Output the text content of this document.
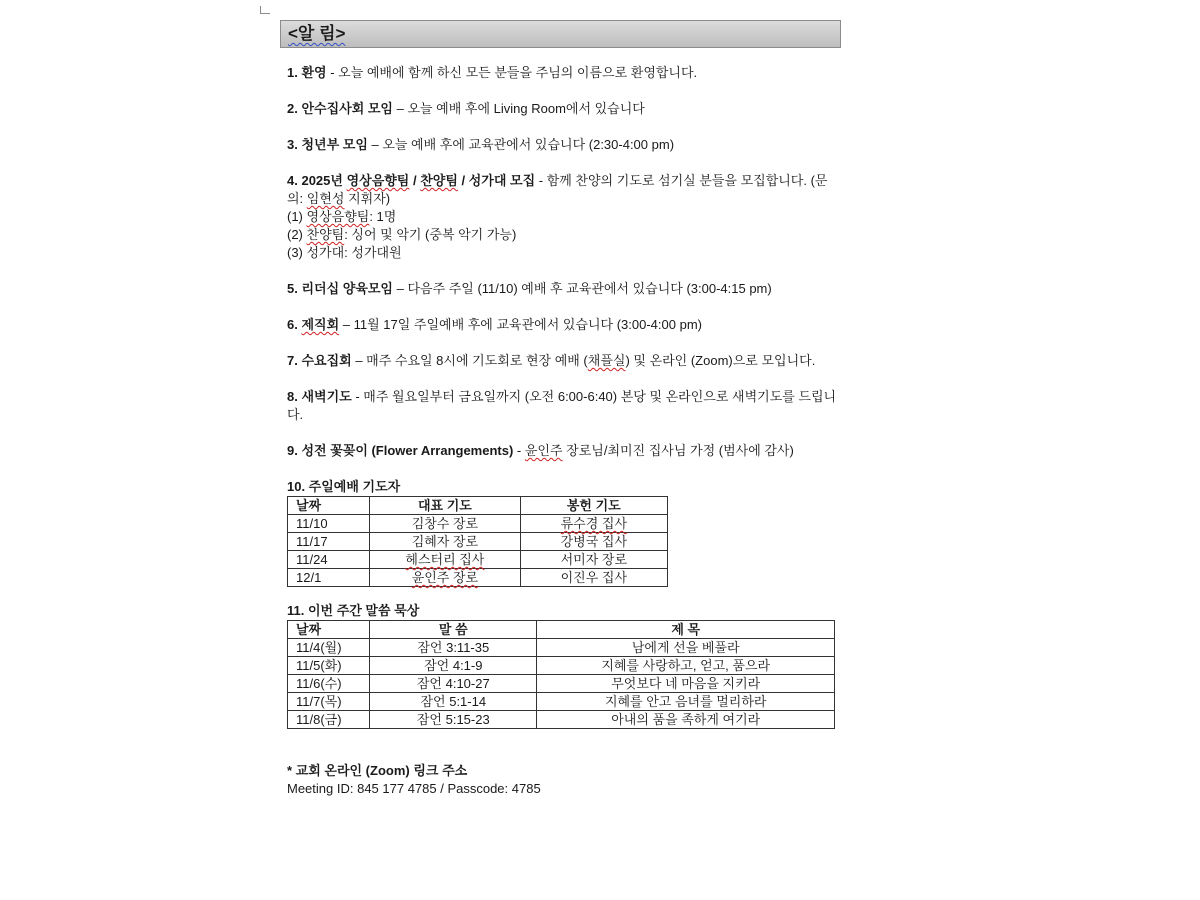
<알 림>

1. 환영 - 오늘 예배에 함께 하신 모든 분들을 주님의 이름으로 환영합니다.

2. 안수집사회 모임 – 오늘 예배 후에 Living Room에서 있습니다

3. 청년부 모임 – 오늘 예배 후에 교육관에서 있습니다 (2:30-4:00 pm)

4. 2025년 영상음향팀 / 찬양팀 / 성가대 모집 - 함께 찬양의 기도로 섬기실 분들을 모집합니다. (문의: 임현성 지휘자)

(1) 영상음향팀: 1명

(2) 찬양팀: 싱어 및 악기 (중복 악기 가능)

(3) 성가대: 성가대원

5. 리더십 양육모임 – 다음주 주일 (11/10) 예배 후 교육관에서 있습니다 (3:00-4:15 pm)

6. 제직회 – 11월 17일 주일예배 후에 교육관에서 있습니다 (3:00-4:00 pm)

7. 수요집회 – 매주 수요일 8시에 기도회로 현장 예배 (채플실) 및 온라인 (Zoom)으로 모입니다.

8. 새벽기도 - 매주 월요일부터 금요일까지 (오전 6:00-6:40) 본당 및 온라인으로 새벽기도를 드립니다.

9. 성전 꽃꽂이 (Flower Arrangements) - 윤인주 장로님/최미진 집사님 가정 (범사에 감사)

10. 주일예배 기도자

날짜	대표 기도	봉헌 기도
11/10	김창수 장로	류수경 집사
11/17	김혜자 장로	강병국 집사
11/24	헤스터리 집사	서미자 장로
12/1	윤인주 장로	이진우 집사

11. 이번 주간 말씀 묵상

날짜	말 씀	제 목
11/4(월)	잠언 3:11-35	남에게 선을 베풀라
11/5(화)	잠언 4:1-9	지혜를 사랑하고, 얻고, 품으라
11/6(수)	잠언 4:10-27	무엇보다 네 마음을 지키라
11/7(목)	잠언 5:1-14	지혜를 안고 음녀를 멀리하라
11/8(금)	잠언 5:15-23	아내의 품을 족하게 여기라

* 교회 온라인 (Zoom) 링크 주소

Meeting ID: 845 177 4785 / Passcode: 4785
